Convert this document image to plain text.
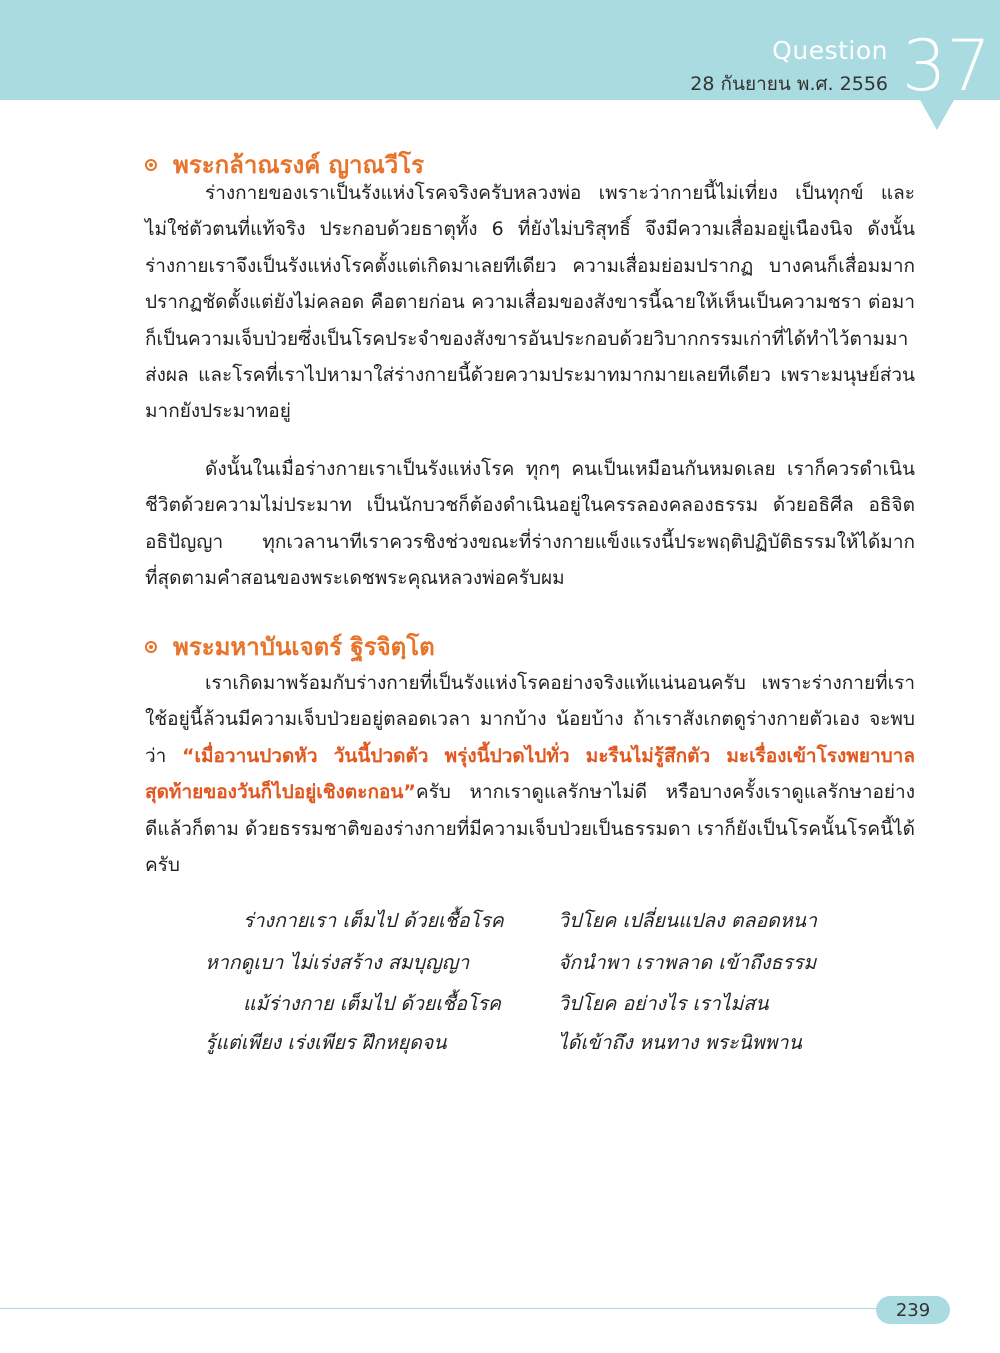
Question
28 กันยายน พ.ศ. 2556 37
พระกล้าณรงค์ ญาณวีโร

ร่างกายของเราเป็นรังแห่งโรคจริงครับหลวงพ่อ เพราะว่ากายนี้ไม่เที่ยง เป็นทุกข์ และไม่ใช่ตัวตนที่แท้จริง ประกอบด้วยธาตุทั้ง 6 ที่ยังไม่บริสุทธิ์ จึงมีความเสื่อมอยู่เนืองนิจ ดังนั้นร่างกายเราจึงเป็นรังแห่งโรคตั้งแต่เกิดมาเลยทีเดียว ความเสื่อมย่อมปรากฏ บางคนก็เสื่อมมากปรากฏชัดตั้งแต่ยังไม่คลอด คือตายก่อน ความเสื่อมของสังขารนี้ฉายให้เห็นเป็นความชรา ต่อมาก็เป็นความเจ็บป่วยซึ่งเป็นโรคประจำของสังขารอันประกอบด้วยวิบากกรรมเก่าที่ได้ทำไว้ตามมาส่งผล และโรคที่เราไปหามาใส่ร่างกายนี้ด้วยความประมาทมากมายเลยทีเดียว เพราะมนุษย์ส่วนมากยังประมาทอยู่

ดังนั้นในเมื่อร่างกายเราเป็นรังแห่งโรค ทุกๆ คนเป็นเหมือนกันหมดเลย เราก็ควรดำเนินชีวิตด้วยความไม่ประมาท เป็นนักบวชก็ต้องดำเนินอยู่ในครรลองคลองธรรม ด้วยอธิศีล อธิจิต อธิปัญญา ทุกเวลานาทีเราควรชิงช่วงขณะที่ร่างกายแข็งแรงนี้ประพฤติปฏิบัติธรรมให้ได้มากที่สุดตามคำสอนของพระเดชพระคุณหลวงพ่อครับผม

พระมหาบันเจตร์ ฐิรจิตฺโต

เราเกิดมาพร้อมกับร่างกายที่เป็นรังแห่งโรคอย่างจริงแท้แน่นอนครับ เพราะร่างกายที่เราใช้อยู่นี้ล้วนมีความเจ็บป่วยอยู่ตลอดเวลา มากบ้าง น้อยบ้าง ถ้าเราสังเกตดูร่างกายตัวเอง จะพบว่า “เมื่อวานปวดหัว วันนี้ปวดตัว พรุ่งนี้ปวดไปทั่ว มะรืนไม่รู้สึกตัว มะเรื่องเข้าโรงพยาบาล สุดท้ายของวันก็ไปอยู่เชิงตะกอน”ครับ หากเราดูแลรักษาไม่ดี หรือบางครั้งเราดูแลรักษาอย่างดีแล้วก็ตาม ด้วยธรรมชาติของร่างกายที่มีความเจ็บป่วยเป็นธรรมดา เราก็ยังเป็นโรคนั้นโรคนี้ได้ครับ

ร่างกายเรา เต็มไป ด้วยเชื้อโรค	วิปโยค เปลี่ยนแปลง ตลอดหนา
หากดูเบา ไม่เร่งสร้าง สมบุญญา	จักนำพา เราพลาด เข้าถึงธรรม
แม้ร่างกาย เต็มไป ด้วยเชื้อโรค	วิปโยค อย่างไร เราไม่สน
รู้แต่เพียง เร่งเพียร ฝึกหยุดจน	ได้เข้าถึง หนทาง พระนิพพาน
239
